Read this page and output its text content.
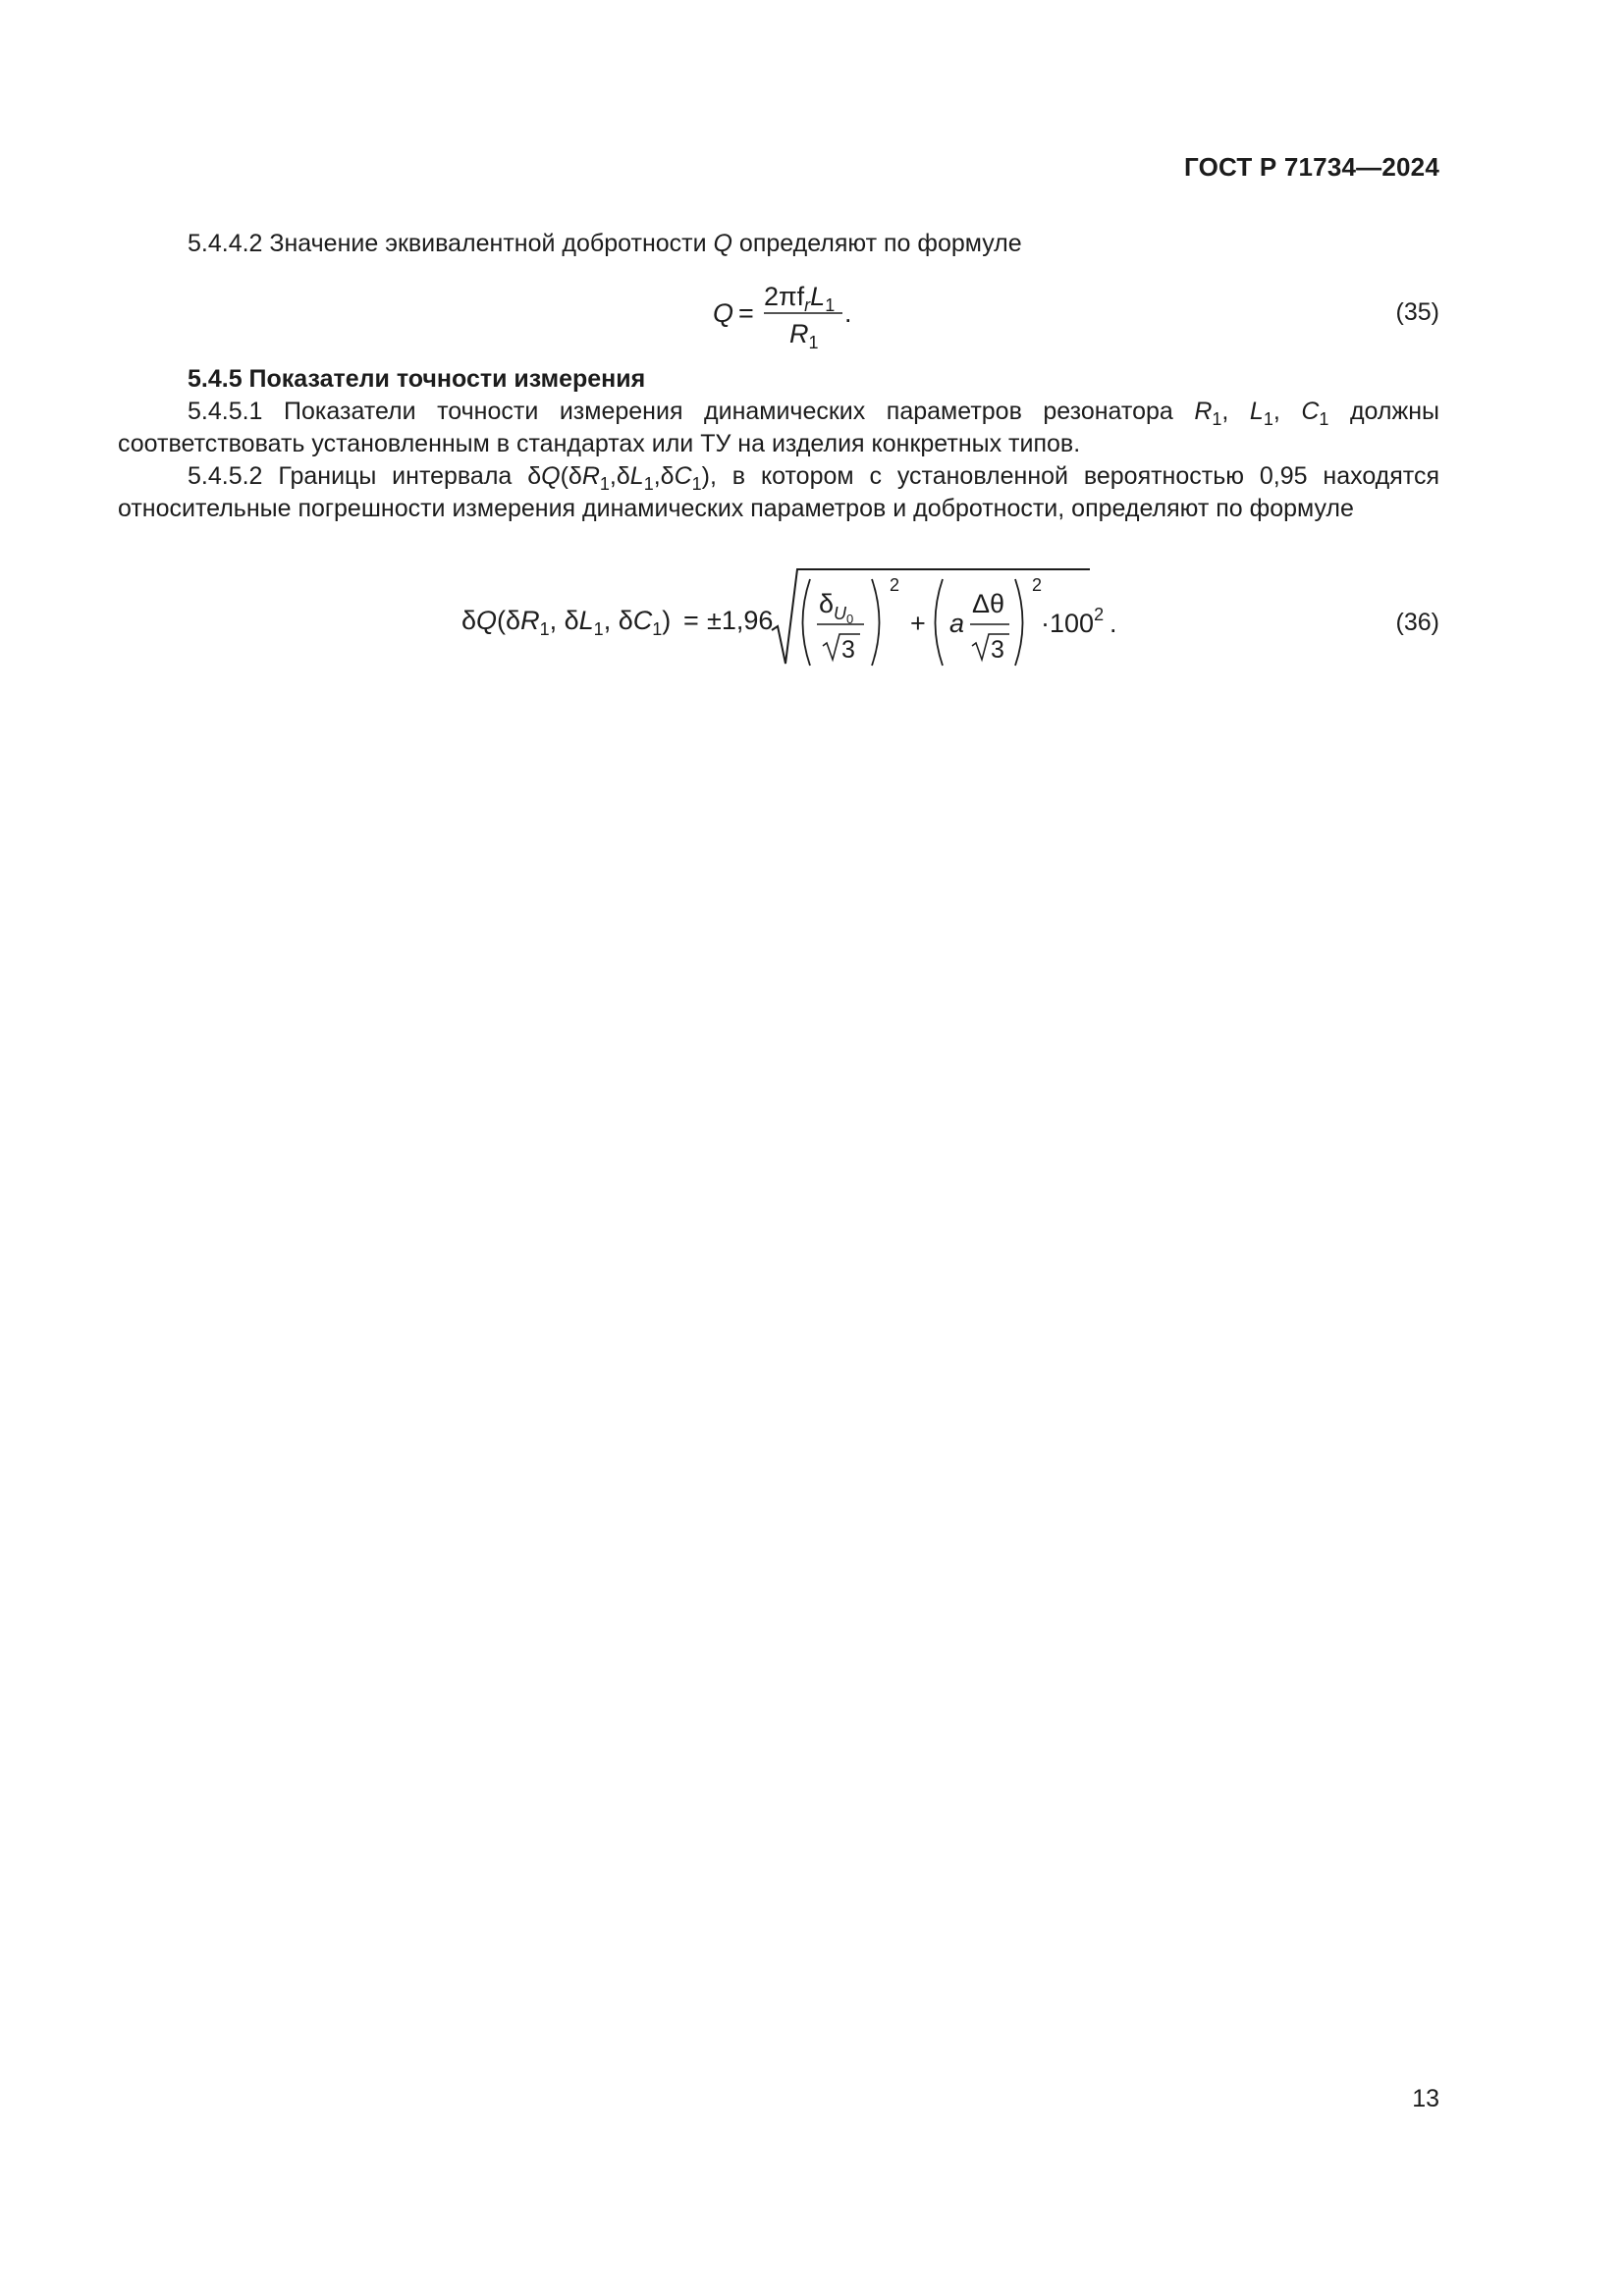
ГОСТ Р 71734—2024
5.4.4.2 Значение эквивалентной добротности Q определяют по формуле
Q =
$2\pi f_rL_1$
$R_1$
.	(35)
5.4.5 Показатели точности измерения
5.4.5.1 Показатели точности измерения динамических параметров резонатора $R_1$, $L_1$, $C_1$ должны соответствовать установленным в стандартах или ТУ на изделия конкретных типов.
5.4.5.2 Границы интервала $\delta Q(\delta R_1,\delta L_1,\delta C_1)$, в котором с установленной вероятностью 0,95 находятся относительные погрешности измерения динамических параметров и добротности, определяют по формуле
$\delta Q(\delta R_1$, $\delta L_1$, $\delta C_1) = \pm 1,96$
$\delta_U0$
3
2
+ a
Δθ
3
2
$\cdot 100^2$ .	(36)
13
